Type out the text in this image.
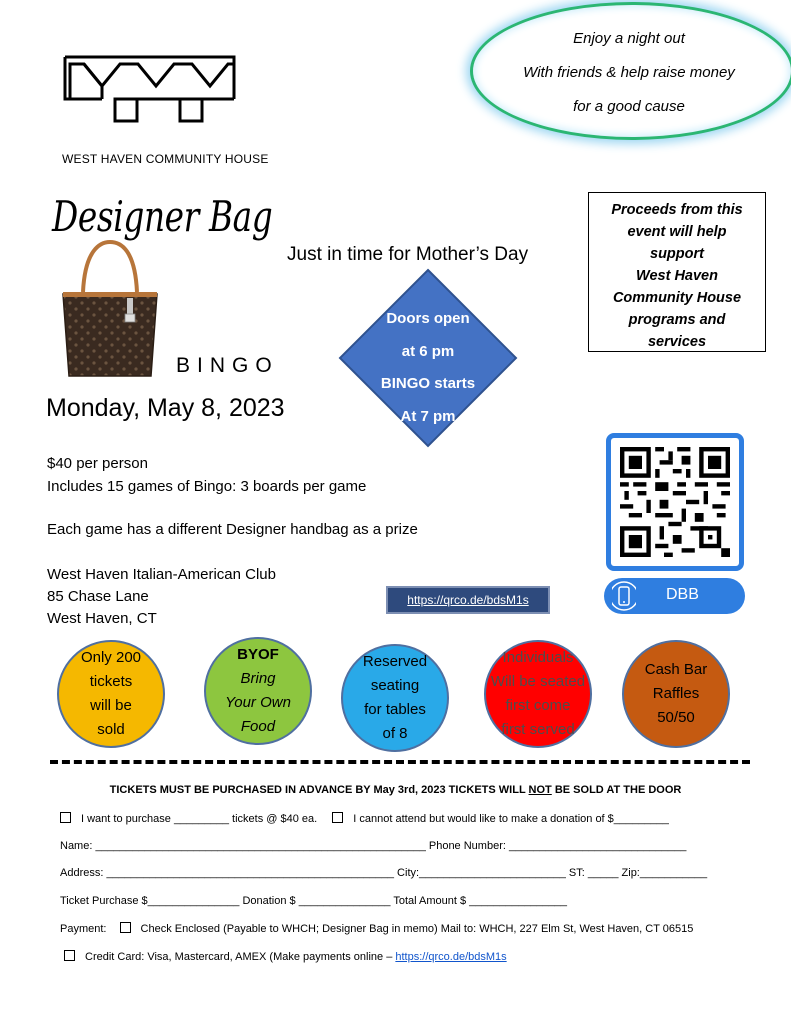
WEST HAVEN COMMUNITY HOUSE
Enjoy a night out
With friends & help raise money
for a good cause
Designer Bag
Just in time for Mother’s Day
Proceeds from this
event will help
support
West Haven
Community House
programs and
services
Doors open
at 6 pm
BINGO starts
At 7 pm
BINGO
Monday, May 8, 2023
$40 per person
Includes 15 games of Bingo: 3 boards per game
Each game has a different Designer handbag as a prize
West Haven Italian-American Club
85 Chase Lane
West Haven, CT
https://qrco.de/bdsM1s	DBB
Only 200
tickets
will be
sold
BYOF
Bring
Your Own
Food
Reserved
seating
for tables
of 8
Individuals
Will be seated
first come
first served
Cash Bar
Raffles
50/50
TICKETS MUST BE PURCHASED IN ADVANCE BY May 3rd, 2023 TICKETS WILL NOT BE SOLD AT THE DOOR
I want to purchase _________ tickets @ $40 ea.	I cannot attend but would like to make a donation of $_________
Name: ______________________________________________________ Phone Number: _____________________________
Address: _______________________________________________ City:________________________ ST: _____ Zip:___________
Ticket Purchase $_______________ Donation $ _______________ Total Amount $ ________________
Payment:	Check Enclosed (Payable to WHCH; Designer Bag in memo) Mail to: WHCH, 227 Elm St, West Haven, CT 06515
Credit Card: Visa, Mastercard, AMEX (Make payments online – https://qrco.de/bdsM1s
